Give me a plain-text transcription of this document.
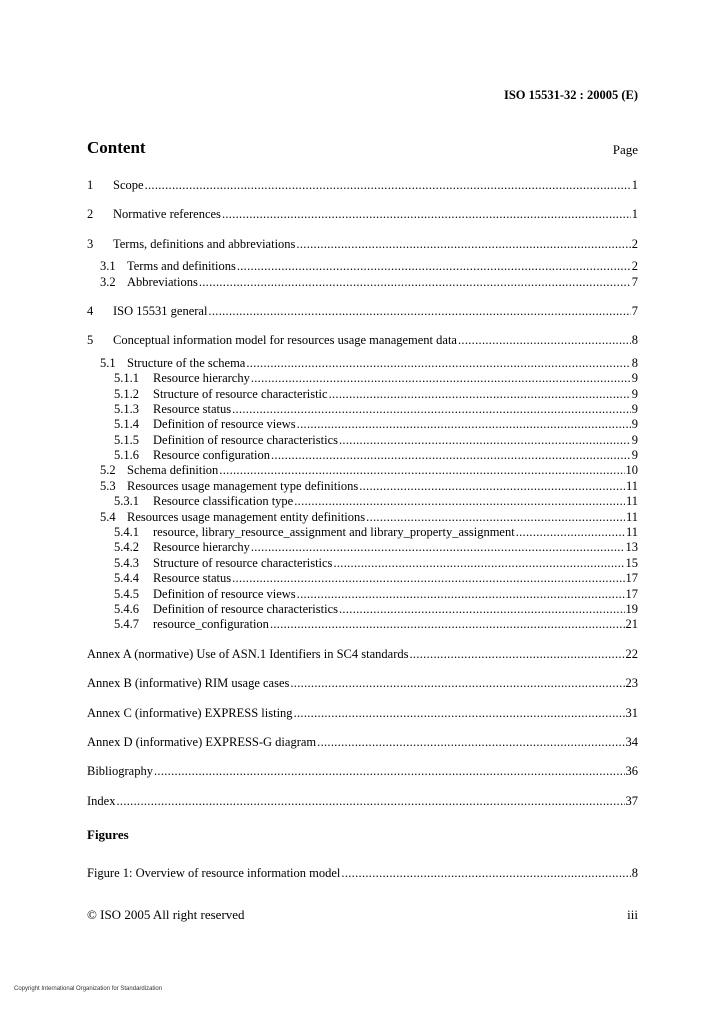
ISO 15531-32 : 20005 (E)
Content	Page
1	Scope .....	1
2	Normative references .....	1
3	Terms, definitions and abbreviations .....	2
3.1 Terms and definitions .....	2
3.2 Abbreviations .....	7
4	ISO 15531 general .....	7
5	Conceptual information model for resources usage management data .....	8
5.1 Structure of the schema .....	8
5.1.1	Resource hierarchy .....	9
5.1.2	Structure of resource characteristic .....	9
5.1.3	Resource status .....	9
5.1.4	Definition of resource views .....	9
5.1.5	Definition of resource characteristics .....	9
5.1.6	Resource configuration .....	9
5.2 Schema definition .....	10
5.3 Resources usage management type definitions .....	11
5.3.1	Resource classification type .....	11
5.4 Resources usage management entity definitions .....	11
5.4.1	resource, library_resource_assignment and library_property_assignment .....	11
5.4.2	Resource hierarchy .....	13
5.4.3	Structure of resource characteristics .....	15
5.4.4	Resource status .....	17
5.4.5	Definition of resource views .....	17
5.4.6	Definition of resource characteristics .....	19
5.4.7	resource_configuration .....	21
Annex A (normative) Use of ASN.1 Identifiers in SC4 standards .....	22
Annex B (informative) RIM usage cases .....	23
Annex C (informative) EXPRESS listing .....	31
Annex D (informative) EXPRESS-G diagram .....	34
Bibliography .....	36
Index .....	37
Figures
Figure 1: Overview of resource information model .....	8
© ISO 2005 All right reserved	iii
Copyright International Organization for Standardization
